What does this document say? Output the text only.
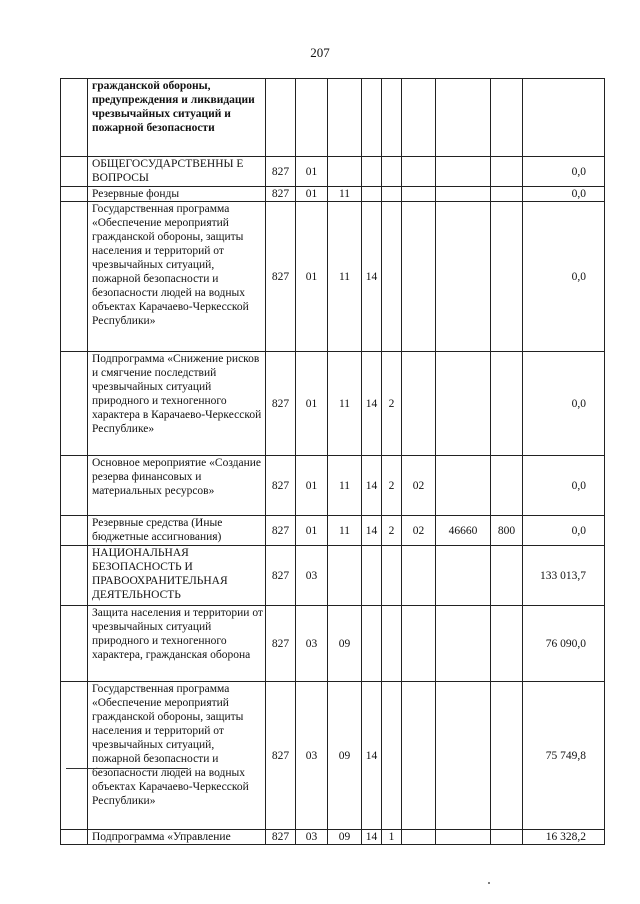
207
	гражданской обороны, предупреждения и ликвидации чрезвычайных ситуаций и пожарной безопасности									
	ОБЩЕГОСУДАРСТВЕННЫ Е ВОПРОСЫ	827	01							0,0
	Резервные фонды	827	01	11						0,0
	Государственная программа «Обеспечение мероприятий гражданской обороны, защиты населения и территорий от чрезвычайных ситуаций, пожарной безопасности и безопасности людей на водных объектах Карачаево-Черкесской Республики»	827	01	11	14					0,0
	Подпрограмма «Снижение рисков и смягчение последствий чрезвычайных ситуаций природного и техногенного характера в Карачаево-Черкесской Республике»	827	01	11	14	2				0,0
	Основное мероприятие «Создание резерва финансовых и материальных ресурсов»	827	01	11	14	2	02			0,0
	Резервные средства (Иные бюджетные ассигнования)	827	01	11	14	2	02	46660	800	0,0
	НАЦИОНАЛЬНАЯ БЕЗОПАСНОСТЬ И ПРАВООХРАНИТЕЛЬНАЯ ДЕЯТЕЛЬНОСТЬ	827	03							133 013,7
	Защита населения и территории от чрезвычайных ситуаций природного и техногенного характера, гражданская оборона	827	03	09						76 090,0
	Государственная программа «Обеспечение мероприятий гражданской обороны, защиты населения и территорий от чрезвычайных ситуаций, пожарной безопасности и безопасности людей на водных объектах Карачаево-Черкесской Республики»	827	03	09	14					75 749,8
	Подпрограмма «Управление	827	03	09	14	1				16 328,2
